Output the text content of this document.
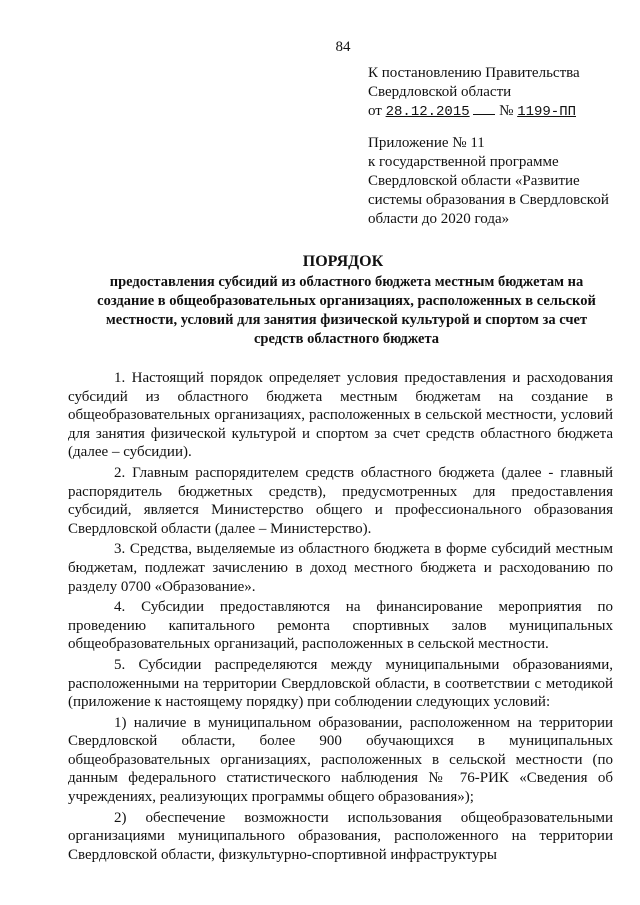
84
К постановлению Правительства
Свердловской области
от 28.12.2015 № 1199-ПП
Приложение № 11
к государственной программе
Свердловской области «Развитие
системы образования в Свердловской
области до 2020 года»
ПОРЯДОК
предоставления субсидий из областного бюджета местным бюджетам на
создание в общеобразовательных организациях, расположенных в сельской
местности, условий для занятия физической культурой и спортом за счет
средств областного бюджета

1. Настоящий порядок определяет условия предоставления и расходования субсидий из областного бюджета местным бюджетам на создание в общеобразовательных организациях, расположенных в сельской местности, условий для занятия физической культурой и спортом за счет средств областного бюджета (далее – субсидии).

2. Главным распорядителем средств областного бюджета (далее - главный распорядитель бюджетных средств), предусмотренных для предоставления субсидий, является Министерство общего и профессионального образования Свердловской области (далее – Министерство).

3. Средства, выделяемые из областного бюджета в форме субсидий местным бюджетам, подлежат зачислению в доход местного бюджета и расходованию по разделу 0700 «Образование».

4. Субсидии предоставляются на финансирование мероприятия по проведению капитального ремонта спортивных залов муниципальных общеобразовательных организаций, расположенных в сельской местности.

5. Субсидии распределяются между муниципальными образованиями, расположенными на территории Свердловской области, в соответствии с методикой (приложение к настоящему порядку) при соблюдении следующих условий:

1) наличие в муниципальном образовании, расположенном на территории Свердловской области, более 900 обучающихся в муниципальных общеобразовательных организациях, расположенных в сельской местности (по данным федерального статистического наблюдения № 76-РИК «Сведения об учреждениях, реализующих программы общего образования»);

2) обеспечение возможности использования общеобразовательными организациями муниципального образования, расположенного на территории Свердловской области, физкультурно-спортивной инфраструктуры
